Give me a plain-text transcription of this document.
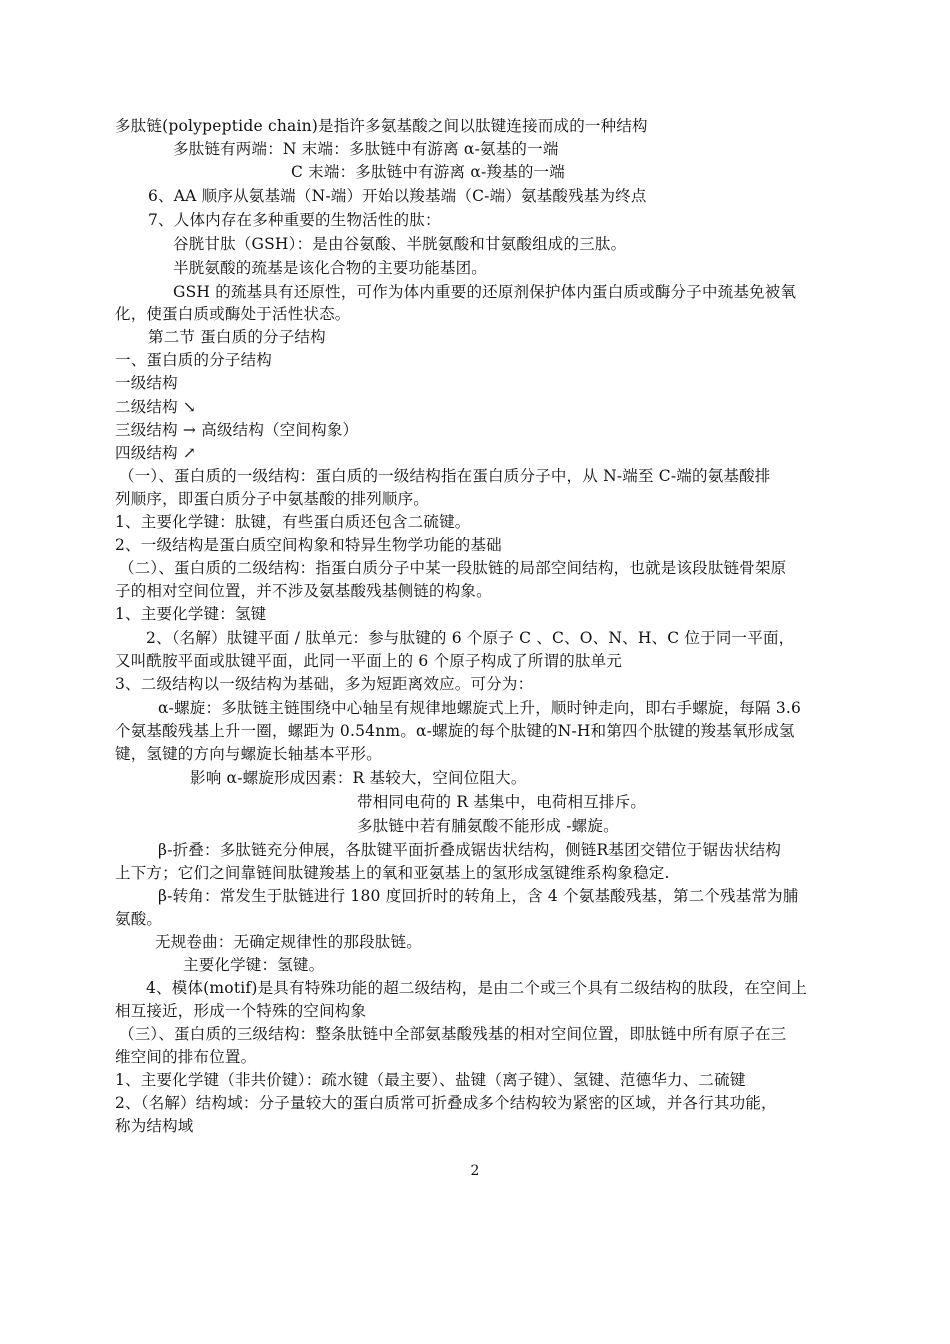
多肽链(polypeptide chain)是指许多氨基酸之间以肽键连接而成的一种结构
多肽链有两端：N 末端：多肽链中有游离 α-氨基的一端
C 末端：多肽链中有游离 α-羧基的一端
6、AA 顺序从氨基端（N-端）开始以羧基端（C-端）氨基酸残基为终点
7、人体内存在多种重要的生物活性的肽：
谷胱甘肽（GSH）：是由谷氨酸、半胱氨酸和甘氨酸组成的三肽。
半胱氨酸的巯基是该化合物的主要功能基团。
GSH 的巯基具有还原性，可作为体内重要的还原剂保护体内蛋白质或酶分子中巯基免被氧
化，使蛋白质或酶处于活性状态。
第二节 蛋白质的分子结构
一、蛋白质的分子结构
一级结构
二级结构 ↘
三级结构 → 高级结构（空间构象）
四级结构 ↗
（一）、蛋白质的一级结构：蛋白质的一级结构指在蛋白质分子中，从 N-端至 C-端的氨基酸排
列顺序，即蛋白质分子中氨基酸的排列顺序。
1、主要化学键：肽键，有些蛋白质还包含二硫键。
2、一级结构是蛋白质空间构象和特异生物学功能的基础
（二）、蛋白质的二级结构：指蛋白质分子中某一段肽链的局部空间结构，也就是该段肽链骨架原
子的相对空间位置，并不涉及氨基酸残基侧链的构象。
1、主要化学键：氢键
2、（名解）肽键平面 / 肽单元：参与肽键的 6 个原子 C 、C、O、N、H、C 位于同一平面，
又叫酰胺平面或肽键平面，此同一平面上的 6 个原子构成了所谓的肽单元
3、二级结构以一级结构为基础，多为短距离效应。可分为：
α-螺旋：多肽链主链围绕中心轴呈有规律地螺旋式上升，顺时钟走向，即右手螺旋，每隔 3.6
个氨基酸残基上升一圈，螺距为 0.54nm。α-螺旋的每个肽键的N-H和第四个肽键的羧基氧形成氢
键，氢键的方向与螺旋长轴基本平形。
影响 α-螺旋形成因素：R 基较大，空间位阻大。
带相同电荷的 R 基集中，电荷相互排斥。
多肽链中若有脯氨酸不能形成 -螺旋。
β-折叠：多肽链充分伸展，各肽键平面折叠成锯齿状结构，侧链R基团交错位于锯齿状结构
上下方；它们之间靠链间肽键羧基上的氧和亚氨基上的氢形成氢键维系构象稳定.
β-转角：常发生于肽链进行 180 度回折时的转角上，含 4 个氨基酸残基，第二个残基常为脯
氨酸。
无规卷曲：无确定规律性的那段肽链。
主要化学键：氢键。
4、模体(motif)是具有特殊功能的超二级结构，是由二个或三个具有二级结构的肽段，在空间上
相互接近，形成一个特殊的空间构象
（三）、蛋白质的三级结构：整条肽链中全部氨基酸残基的相对空间位置，即肽链中所有原子在三
维空间的排布位置。
1、主要化学键（非共价键）：疏水键（最主要）、盐键（离子键）、氢键、范德华力、二硫键
2、（名解）结构域：分子量较大的蛋白质常可折叠成多个结构较为紧密的区域，并各行其功能，
称为结构域
2
